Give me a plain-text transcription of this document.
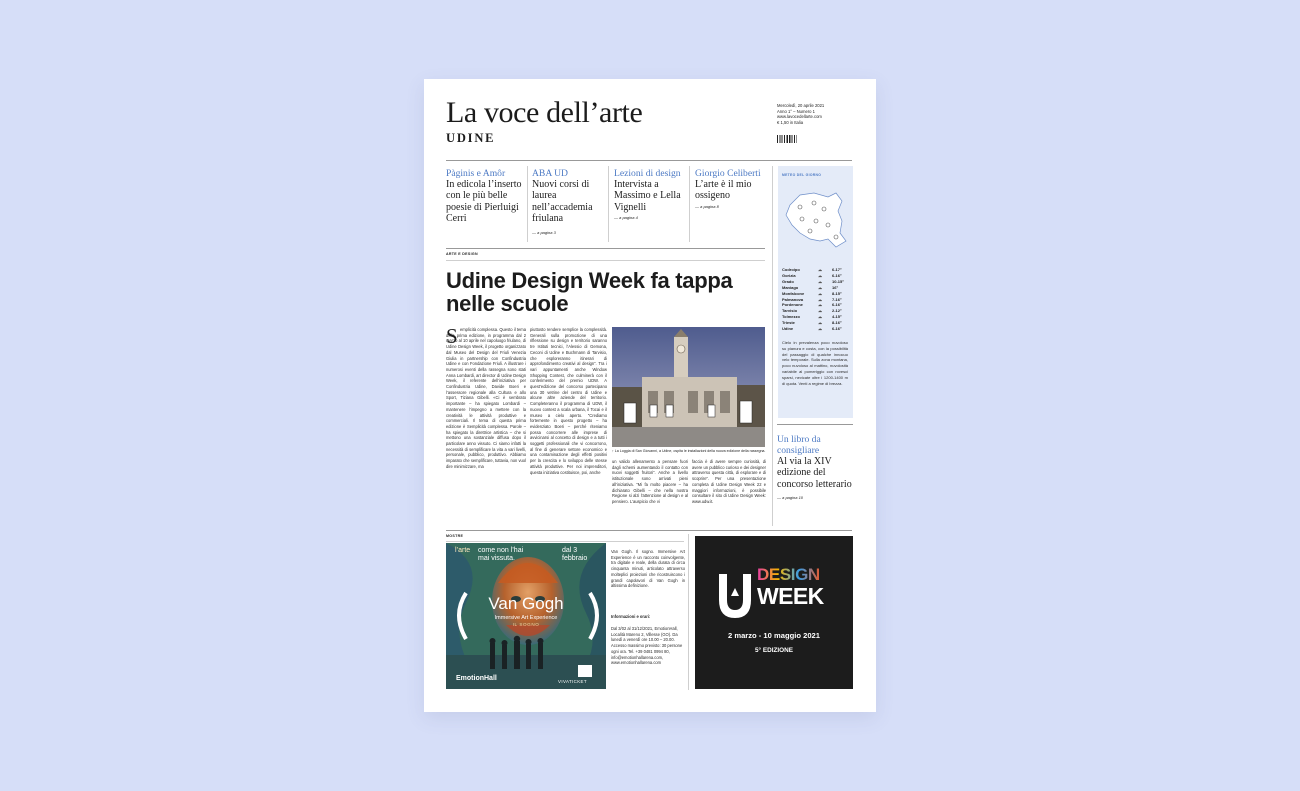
La voce dell’arte
UDINE
Mercoledì, 20 aprile 2021
Anno 1° – Numero 1
www.lavocedellarte.com
€ 1,50 in Italia
Pàginis e Amôr
In edicola l’inserto con le più belle poesie di Pierluigi Cerri
ABA UD
Nuovi corsi di laurea nell’accademia friulana
— a pagina 3
Lezioni di design
Intervista a Massimo e Lella Vignelli
— a pagina 4
Giorgio Celiberti
L’arte è il mio ossigeno
— a pagina 8
METEO DEL GIORNO
Codroipo	☁	6-17°
Gorizia	☁	6-16°
Grado	☁	10-15°
Maniago	☁	16°
Monfalcone	☁	8-15°
Palmanova	☁	7-16°
Pordenone	☁	6-16°
Tarvisio	☁	2-12°
Tolmezzo	☁	4-15°
Trieste	☁	8-16°
Udine	☁	6-16°
Cielo in prevalenza poco nuvoloso su pianura e costa, con la possibilità del passaggio di qualche innocuo velo temporale. Sulla zona montana, poco nuvoloso al mattino, nuvolosità variabile al pomeriggio con rovesci sparsi, nevicate oltre i 1200-1400 m di quota. Venti a regime di brezza.
Un libro da consigliare
Al via la XIV edizione del concorso letterario
— a pagina 10
ARTE E DESIGN
Udine Design Week fa tappa nelle scuole
S emplicità complessa. Questo il tema della prima edizione, in programma dal 2 marzo al 10 aprile nel capoluogo friulano, di Udine Design Week, il progetto organizzato dal Museo del Design del Friuli Venezia Giulia in partnership con Confindustria Udine e con Fondazione Friuli. A illustrare i numerosi eventi della rassegna sono stati Anna Lombardi, art director di Udine Design Week, il referente dell’iniziativa per Confindustria Udine, Davide Boeri e l’assessore regionale alla Cultura e allo Sport, Tiziana Gibelli. «Ci è sembrato importante – ha spiegato Lombardi – mantenere l’impegno a mettere con la creatività le attività produttive e commerciali. Il tema di questa prima edizione è Semplicità complessa. Parole – ha spiegato la direttrice artistica – che si mettono una sostanziale diffusa dopo il particolare anno vissuto. Ci siamo infatti la necessità di semplificare la vita a vari livelli, personale, pubblico, produttivo. Abbiamo imparato che semplificare, tuttavia, non vuol dire minimizzare, ma
piuttosto rendere semplice la complessità. Generali sulla promozione di una riflessione su design e territorio saranno tre Istituti tecnici, l’Alessio di Gemona, Ceconi di Udine e Buchmann di Tarvisio, che esploreranno itinerari di approfondimento creativi al design”. Tra i vari appuntamenti anche Window Shopping Contest, che culminerà con il conferimento del premio UDW. A quest’edizione del concorso partecipano una 30 vetrine del centro di Udine e alcune altre aziende del territorio. Completeranno il programma di UDW, il nuovo contest a scala urbana, il Tocai e il museo a cielo aperto. “Crediamo fortemente in questo progetto – ha evidenziato Boeri – perché riteniamo possa concorrere alle imprese di avvicinarsi al concetto di design e a tutti i soggetti professionali che vi concorrono, al fine di generare settore economico e una contaminazione degli effetti positivi per la crescita e lo sviluppo delle stesse attività produttive. Per noi imprenditori, questa iniziativa costituisce, poi, anche
↑ La Loggia di San Giovanni, a Udine, ospita le installazioni della nuova edizione della rassegna.
un valido allenamento a pensare fuori dagli schemi aumentando il contatto con nuovi soggetti fruitori”. Anche a livello istituzionale sono arrivati pieni all’iniziativa. “Mi fa molto piacere – ha dichiarato Gibelli – che nella nostra Regione si alzi l’attenzione al design e al pensiero. L’auspicio che vi
faccia è di avere sempre curiosità, di avere un pubblico curioso e dei designer attraverso questa città, di esplorare e di scoprire”. Per una presentazione completa di Udine Design Week 22 e maggiori informazioni, è possibile consultare il sito di Udine Design Week: www.udw.it.
MOSTRE
l’arte come non l’hai mai vissuta.
dal 3
febbraio
Van Gogh
Immersive Art Experience
IL SOGNO
EmotionHall	VIVATICKET
Van Gogh. Il sogno. Immersive Art Experience è un racconto coinvolgente, tra digitale e reale, della durata di circa cinquanta minuti, articolato attraverso molteplici proiezioni che ricostruiscono i grandi capolavori di Van Gogh in altissima definizione.
Informazioni e orari:
Dal 3/02 al 31/12/2021, EmotionHall, Località Mareno 2, Villesse (GO). Da lunedì a venerdì ore 10.00 – 20.00. Accesso massimo previsto: 30 persone ogni ora. Tel. +39 0481 0994 80, info@emotionhallarena.com, www.emotionhallarena.com
DESIGN
WEEK
2 marzo - 10 maggio 2021
5° EDIZIONE
